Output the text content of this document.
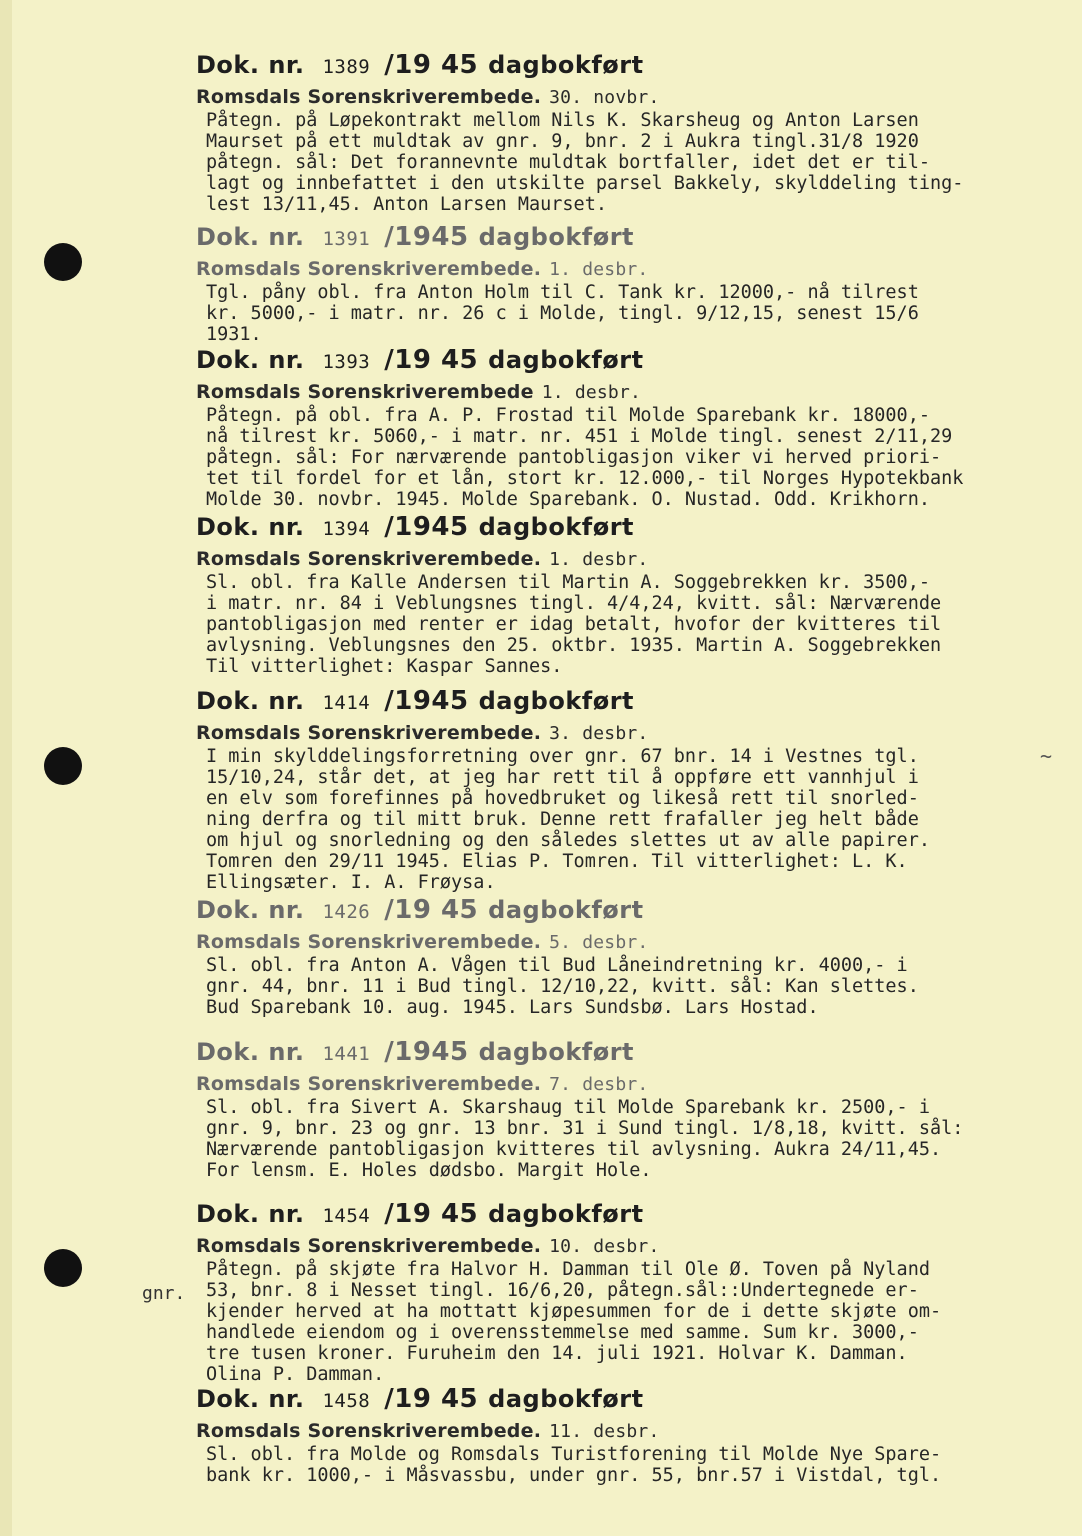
gnr.
~
Dok. nr. 1389 /19 45 dagbokført
Romsdals Sorenskriverembede. 30. novbr.
Påtegn. på Løpekontrakt mellom Nils K. Skarsheug og Anton Larsen
Maurset på ett muldtak av gnr. 9, bnr. 2 i Aukra tingl.31/8 1920
påtegn. sål: Det forannevnte muldtak bortfaller, idet det er til-
lagt og innbefattet i den utskilte parsel Bakkely, skylddeling ting-
lest 13/11,45. Anton Larsen Maurset.
Dok. nr. 1391 /1945 dagbokført
Romsdals Sorenskriverembede. 1. desbr.
Tgl. påny obl. fra Anton Holm til C. Tank kr. 12000,- nå tilrest
kr. 5000,- i matr. nr. 26 c i Molde, tingl. 9/12,15, senest 15/6
1931.
Dok. nr. 1393 /19 45 dagbokført
Romsdals Sorenskriverembede 1. desbr.
Påtegn. på obl. fra A. P. Frostad til Molde Sparebank kr. 18000,-
nå tilrest kr. 5060,- i matr. nr. 451 i Molde tingl. senest 2/11,29
påtegn. sål: For nærværende pantobligasjon viker vi herved priori-
tet til fordel for et lån, stort kr. 12.000,- til Norges Hypotekbank
Molde 30. novbr. 1945. Molde Sparebank. O. Nustad. Odd. Krikhorn.
Dok. nr. 1394 /1945 dagbokført
Romsdals Sorenskriverembede. 1. desbr.
Sl. obl. fra Kalle Andersen til Martin A. Soggebrekken kr. 3500,-
i matr. nr. 84 i Veblungsnes tingl. 4/4,24, kvitt. sål: Nærværende
pantobligasjon med renter er idag betalt, hvofor der kvitteres til
avlysning. Veblungsnes den 25. oktbr. 1935. Martin A. Soggebrekken
Til vitterlighet: Kaspar Sannes.
Dok. nr. 1414 /1945 dagbokført
Romsdals Sorenskriverembede. 3. desbr.
I min skylddelingsforretning over gnr. 67 bnr. 14 i Vestnes tgl.
15/10,24, står det, at jeg har rett til å oppføre ett vannhjul i
en elv som forefinnes på hovedbruket og likeså rett til snorled-
ning derfra og til mitt bruk. Denne rett frafaller jeg helt både
om hjul og snorledning og den således slettes ut av alle papirer.
Tomren den 29/11 1945. Elias P. Tomren. Til vitterlighet: L. K.
Ellingsæter. I. A. Frøysa.
Dok. nr. 1426 /19 45 dagbokført
Romsdals Sorenskriverembede. 5. desbr.
Sl. obl. fra Anton A. Vågen til Bud Låneindretning kr. 4000,- i
gnr. 44, bnr. 11 i Bud tingl. 12/10,22, kvitt. sål: Kan slettes.
Bud Sparebank 10. aug. 1945. Lars Sundsbø. Lars Hostad.
Dok. nr. 1441 /1945 dagbokført
Romsdals Sorenskriverembede. 7. desbr.
Sl. obl. fra Sivert A. Skarshaug til Molde Sparebank kr. 2500,- i
gnr. 9, bnr. 23 og gnr. 13 bnr. 31 i Sund tingl. 1/8,18, kvitt. sål:
Nærværende pantobligasjon kvitteres til avlysning. Aukra 24/11,45.
For lensm. E. Holes dødsbo. Margit Hole.
Dok. nr. 1454 /19 45 dagbokført
Romsdals Sorenskriverembede. 10. desbr.
Påtegn. på skjøte fra Halvor H. Damman til Ole Ø. Toven på Nyland
53, bnr. 8 i Nesset tingl. 16/6,20, påtegn.sål::Undertegnede er-
kjender herved at ha mottatt kjøpesummen for de i dette skjøte om-
handlede eiendom og i overensstemmelse med samme. Sum kr. 3000,-
tre tusen kroner. Furuheim den 14. juli 1921. Holvar K. Damman.
Olina P. Damman.
Dok. nr. 1458 /19 45 dagbokført
Romsdals Sorenskriverembede. 11. desbr.
Sl. obl. fra Molde og Romsdals Turistforening til Molde Nye Spare-
bank kr. 1000,- i Måsvassbu, under gnr. 55, bnr.57 i Vistdal, tgl.
